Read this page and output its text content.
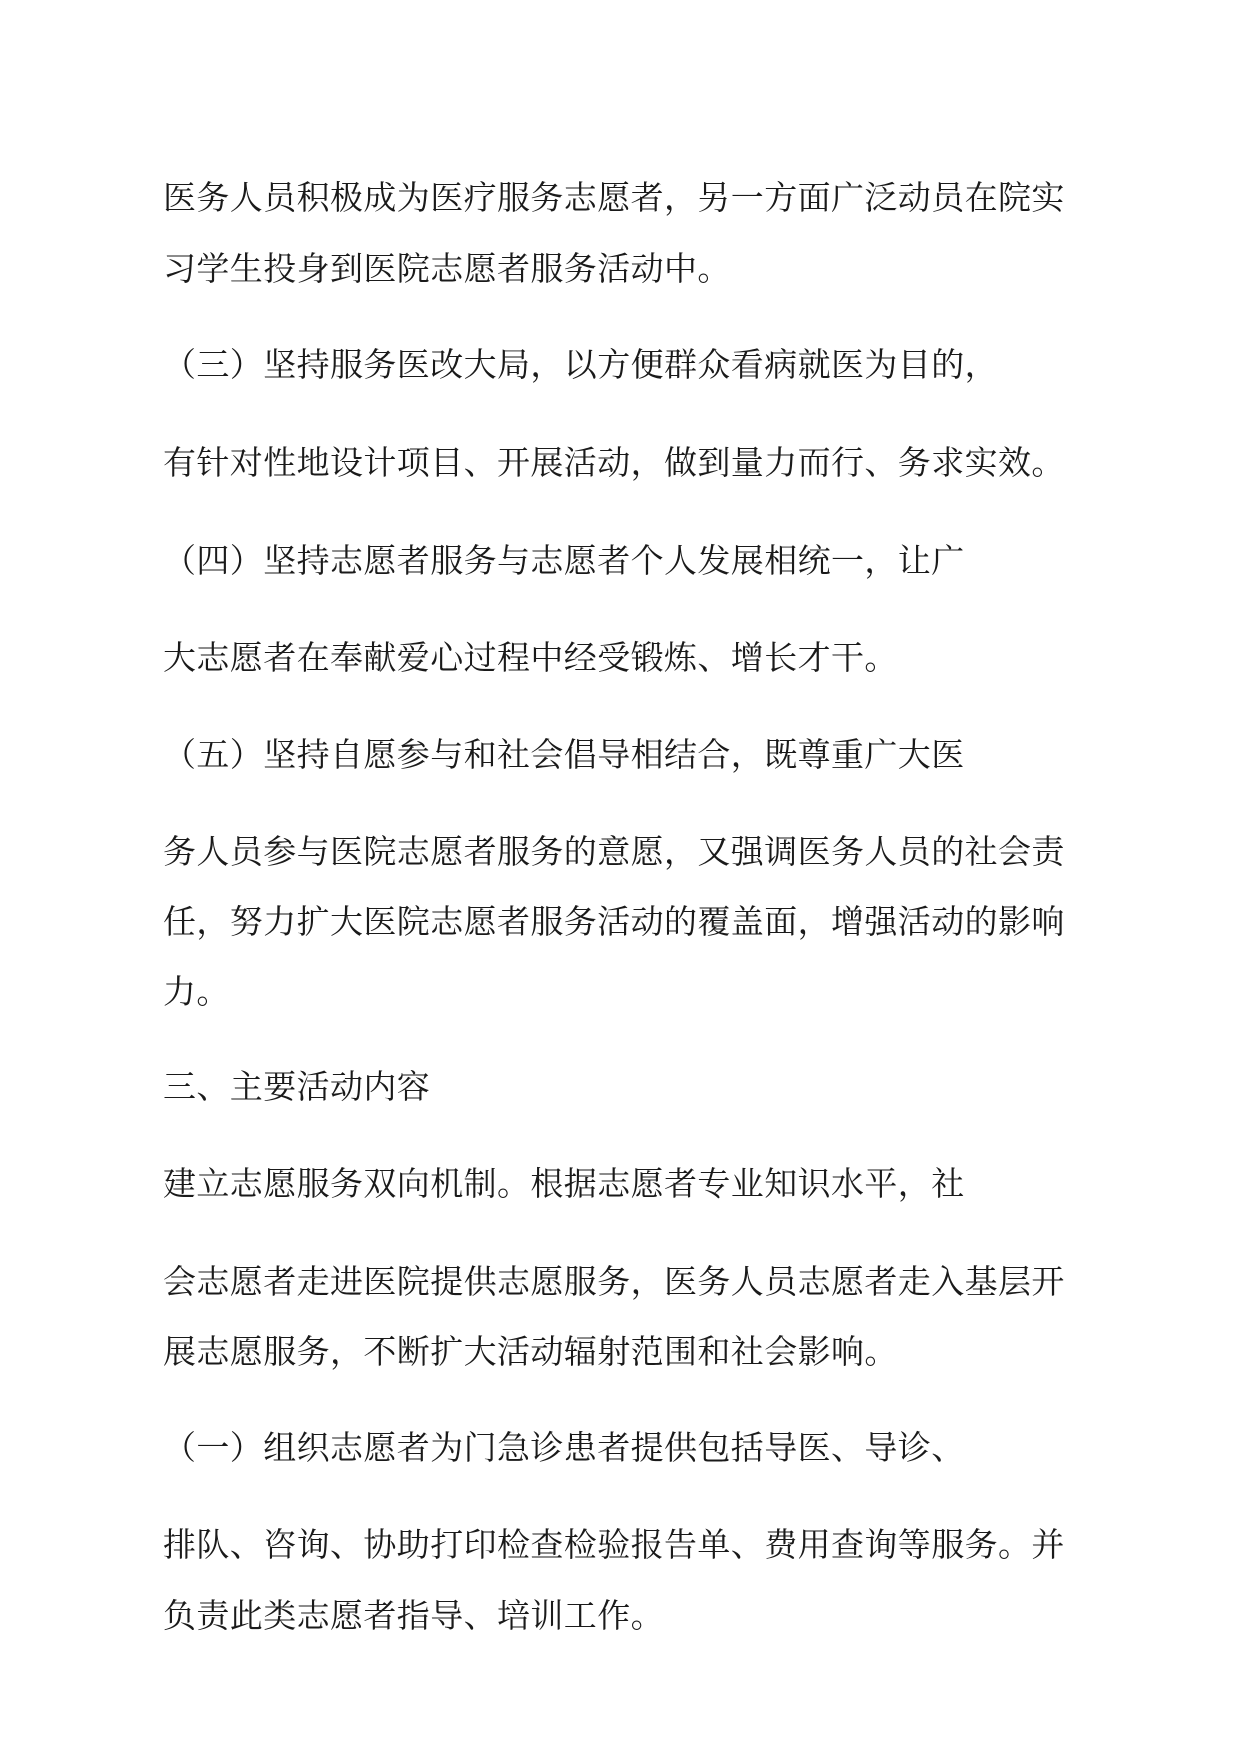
医务人员积极成为医疗服务志愿者，另一方面广泛动员在院实

习学生投身到医院志愿者服务活动中。

（三）坚持服务医改大局，以方便群众看病就医为目的，

有针对性地设计项目、开展活动，做到量力而行、务求实效。

（四）坚持志愿者服务与志愿者个人发展相统一，让广

大志愿者在奉献爱心过程中经受锻炼、增长才干。

（五）坚持自愿参与和社会倡导相结合，既尊重广大医

务人员参与医院志愿者服务的意愿，又强调医务人员的社会责

任，努力扩大医院志愿者服务活动的覆盖面，增强活动的影响

力。

三、主要活动内容

建立志愿服务双向机制。根据志愿者专业知识水平，社

会志愿者走进医院提供志愿服务，医务人员志愿者走入基层开

展志愿服务，不断扩大活动辐射范围和社会影响。

（一）组织志愿者为门急诊患者提供包括导医、导诊、

排队、咨询、协助打印检查检验报告单、费用查询等服务。并

负责此类志愿者指导、培训工作。
